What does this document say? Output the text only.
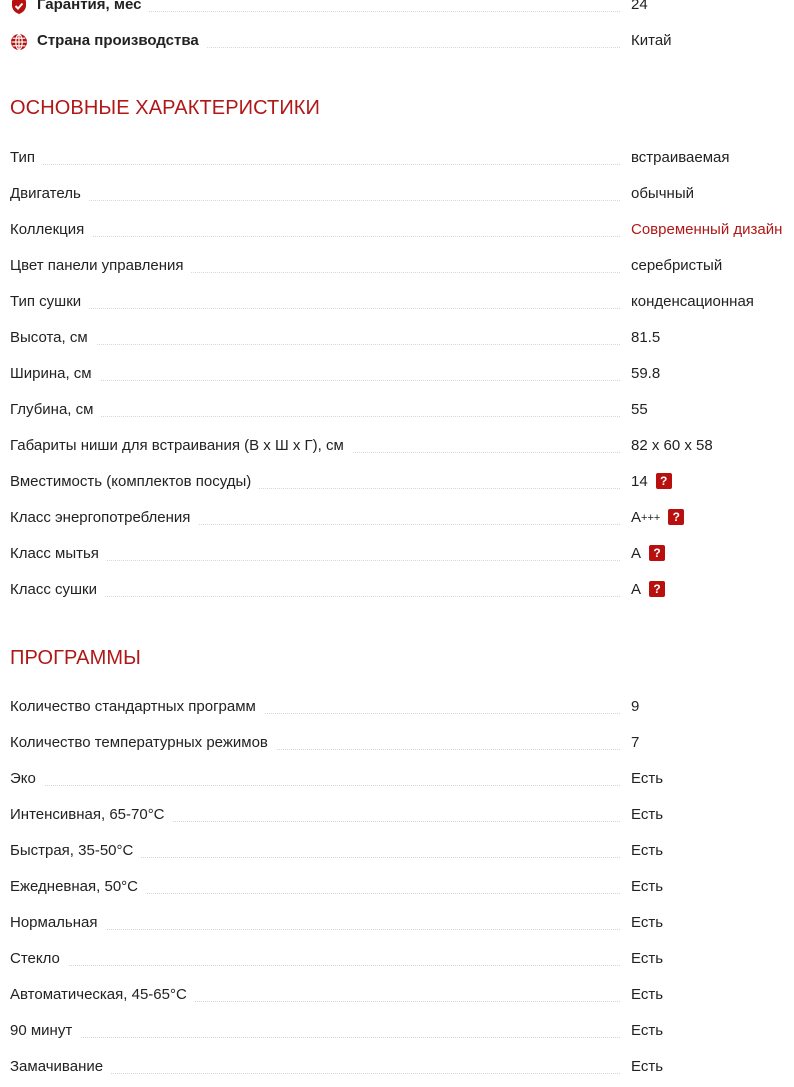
Гарантия, мес	24
Страна производства	Китай
ОСНОВНЫЕ ХАРАКТЕРИСТИКИ
Тип	встраиваемая
Двигатель	обычный
Коллекция	Современный дизайн
Цвет панели управления	серебристый
Тип сушки	конденсационная
Высота, см	81.5
Ширина, см	59.8
Глубина, см	55
Габариты ниши для встраивания (В х Ш х Г), см	82 х 60 х 58
Вместимость (комплектов посуды)	14 ?
Класс энергопотребления	A+++ ?
Класс мытья	A ?
Класс сушки	A ?
ПРОГРАММЫ
Количество стандартных программ	9
Количество температурных режимов	7
Эко	Есть
Интенсивная, 65-70°С	Есть
Быстрая, 35-50°С	Есть
Ежедневная, 50°С	Есть
Нормальная	Есть
Стекло	Есть
Автоматическая, 45-65°С	Есть
90 минут	Есть
Замачивание	Есть
